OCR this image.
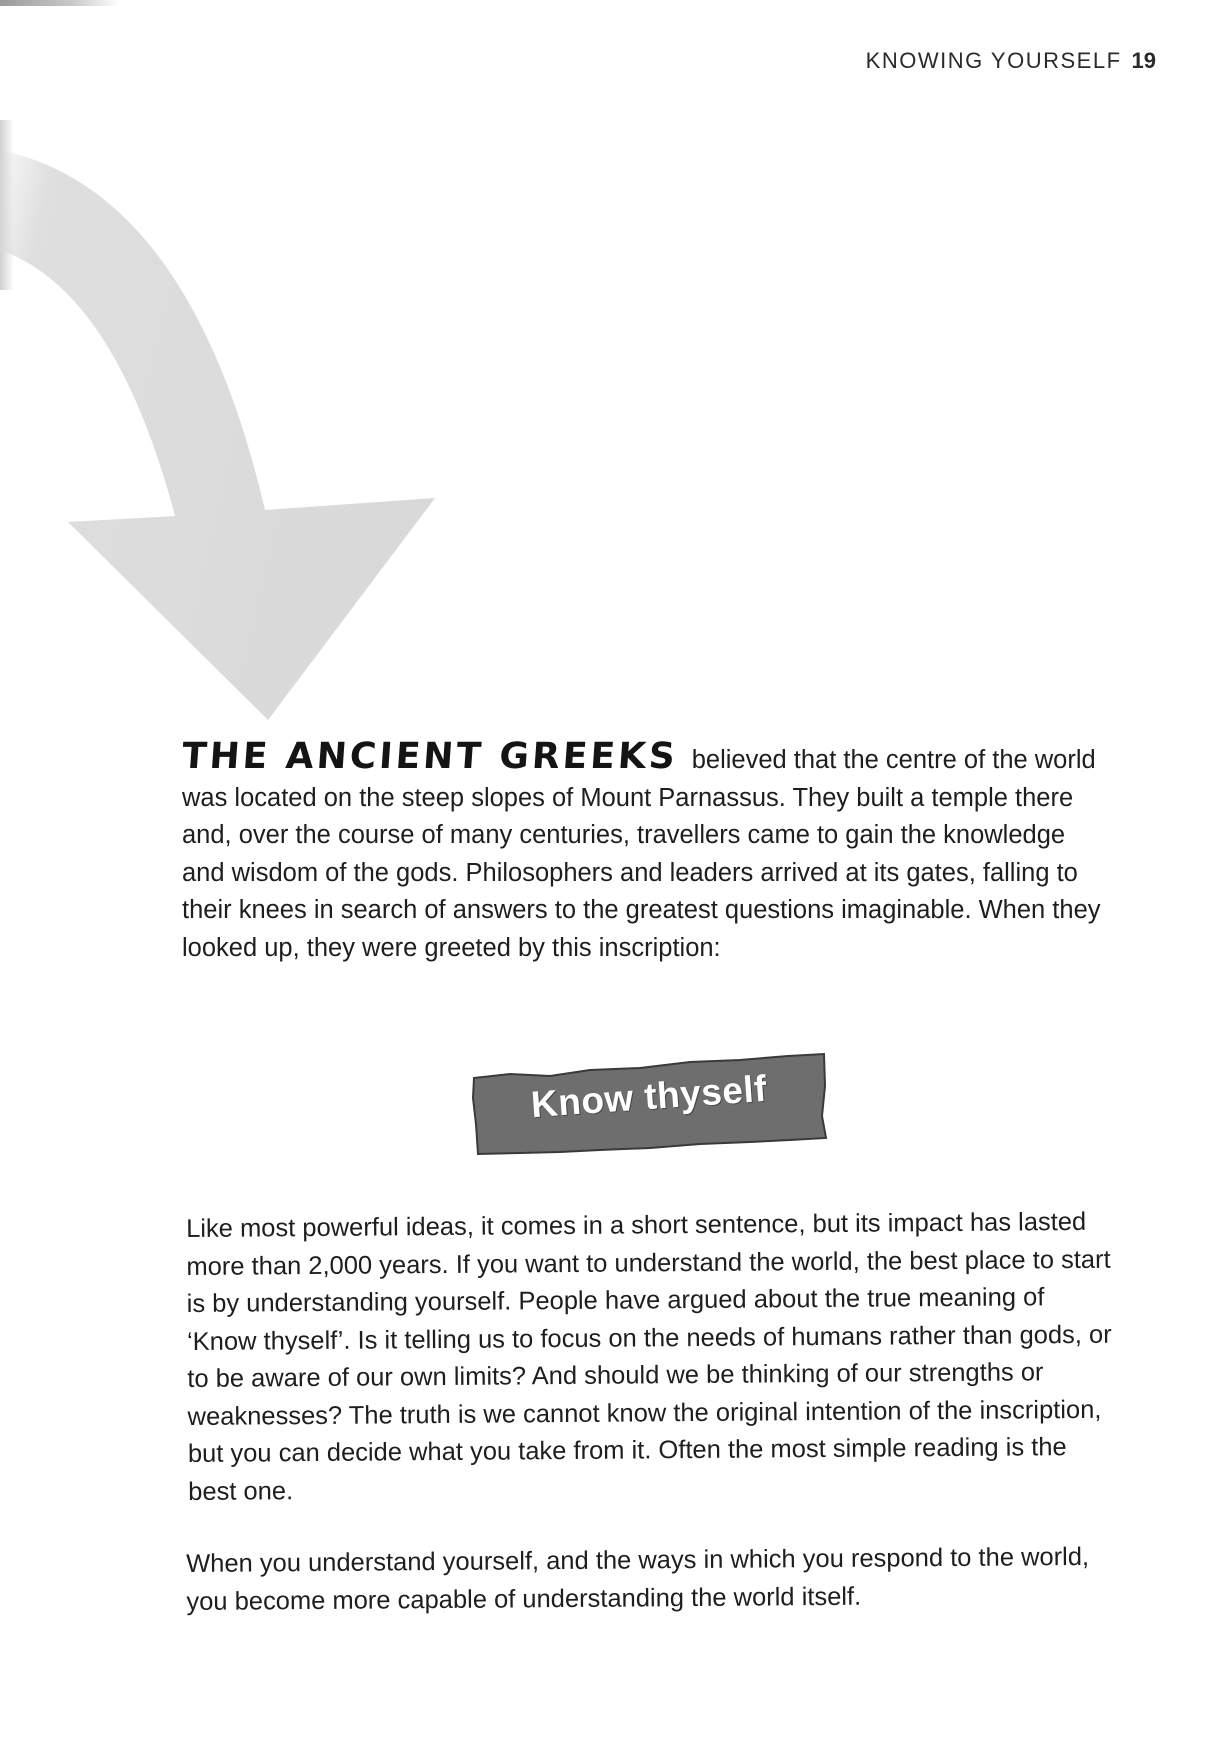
KNOWING YOURSELF 19
THE ANCIENT GREEKS believed that the centre of the world was located on the steep slopes of Mount Parnassus. They built a temple there and, over the course of many centuries, travellers came to gain the knowledge and wisdom of the gods. Philosophers and leaders arrived at its gates, falling to their knees in search of answers to the greatest questions imaginable. When they looked up, they were greeted by this inscription:
Know thyself
Like most powerful ideas, it comes in a short sentence, but its impact has lasted more than 2,000 years. If you want to understand the world, the best place to start is by understanding yourself. People have argued about the true meaning of ‘Know thyself’. Is it telling us to focus on the needs of humans rather than gods, or to be aware of our own limits? And should we be thinking of our strengths or weaknesses? The truth is we cannot know the original intention of the inscription, but you can decide what you take from it. Often the most simple reading is the best one.
When you understand yourself, and the ways in which you respond to the world, you become more capable of understanding the world itself.
